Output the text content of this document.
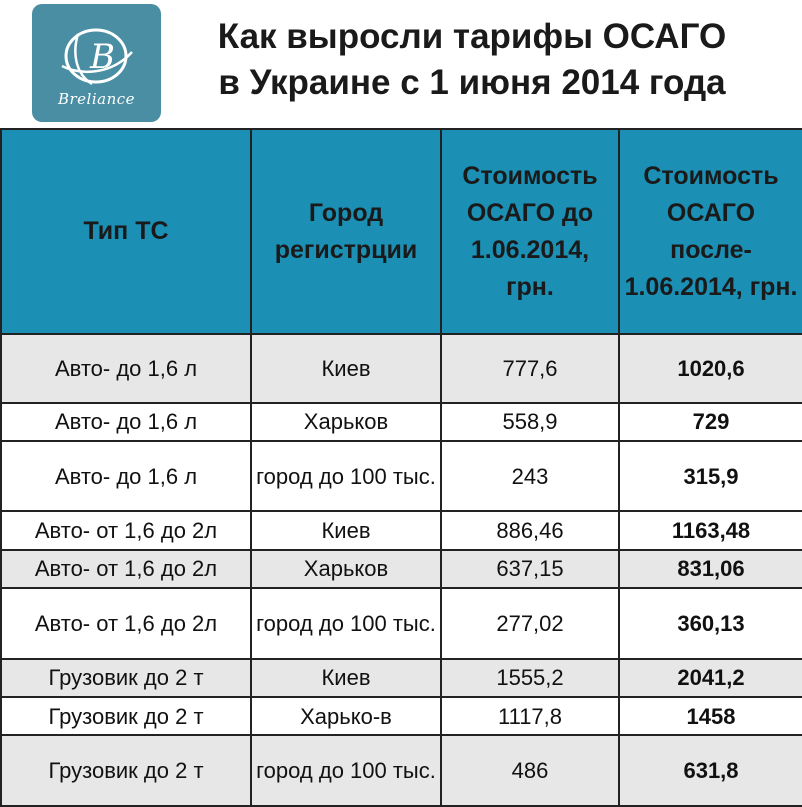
B
Breliance
Как выросли тарифы ОСАГО
в Украине с 1 июня 2014 года
Тип ТС	Город регистрции	Стоимость ОСАГО до 1.06.2014, грн.	Стоимость ОСАГО после- 1.06.2014, грн.
Авто- до 1,6 л	Киев	777,6	1020,6
Авто- до 1,6 л	Харьков	558,9	729
Авто- до 1,6 л	город до 100 тыс.	243	315,9
Авто- от 1,6 до 2л	Киев	886,46	1163,48
Авто- от 1,6 до 2л	Харьков	637,15	831,06
Авто- от 1,6 до 2л	город до 100 тыс.	277,02	360,13
Грузовик до 2 т	Киев	1555,2	2041,2
Грузовик до 2 т	Харько-в	1117,8	1458
Грузовик до 2 т	город до 100 тыс.	486	631,8
